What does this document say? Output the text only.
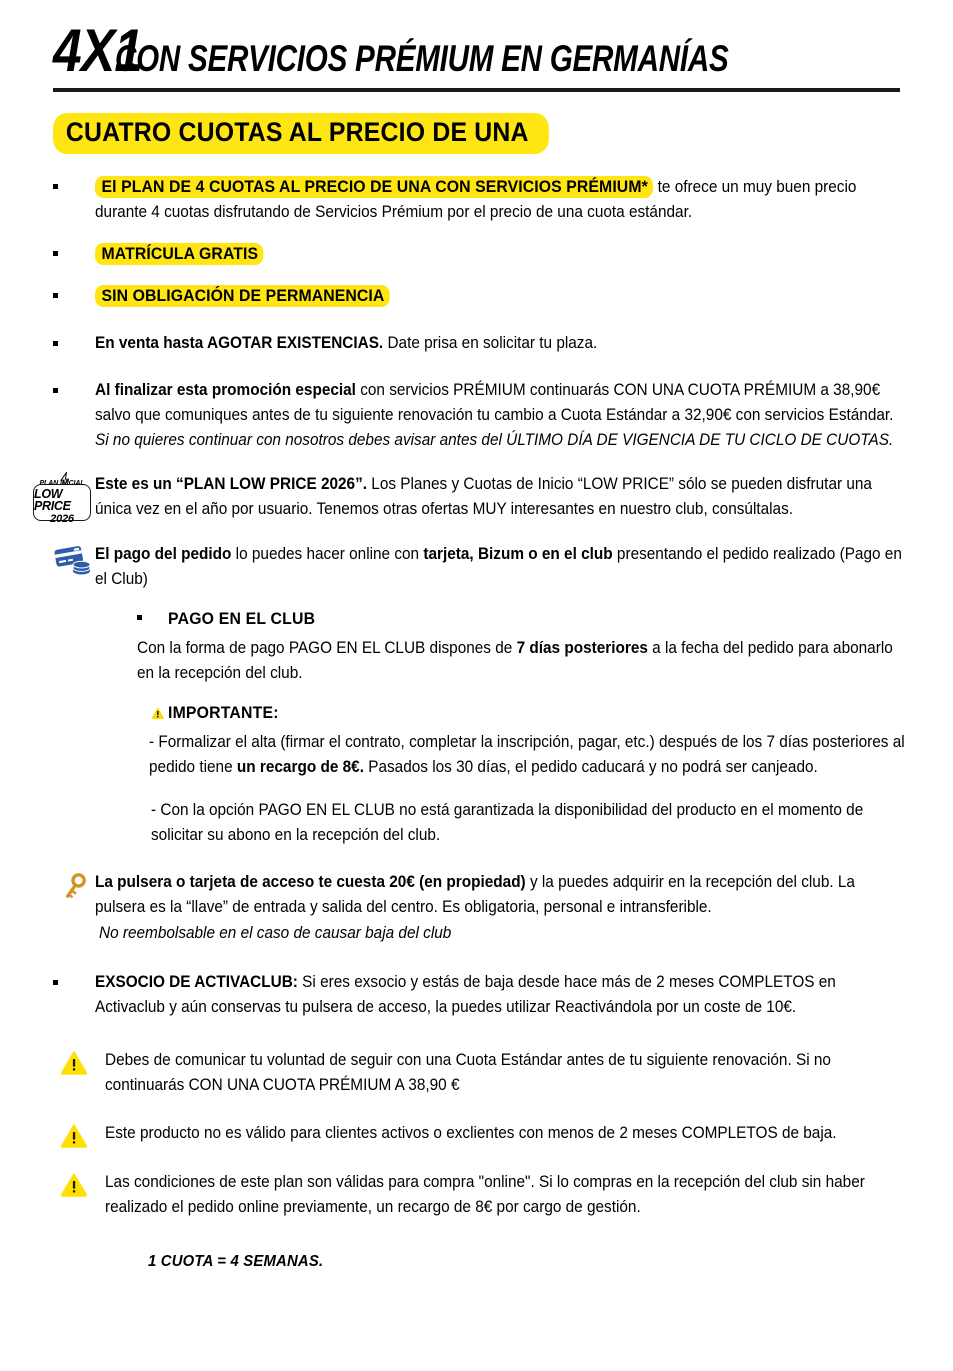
4X1
CON SERVICIOS PRÉMIUM EN GERMANÍAS
CUATRO CUOTAS AL PRECIO DE UNA
El PLAN DE 4 CUOTAS AL PRECIO DE UNA CON SERVICIOS PRÉMIUM* te ofrece un muy buen precio durante 4 cuotas disfrutando de Servicios Prémium por el precio de una cuota estándar.
MATRÍCULA GRATIS
SIN OBLIGACIÓN DE PERMANENCIA
En venta hasta AGOTAR EXISTENCIAS. Date prisa en solicitar tu plaza.
Al finalizar esta promoción especial con servicios PRÉMIUM continuarás CON UNA CUOTA PRÉMIUM a 38,90€ salvo que comuniques antes de tu siguiente renovación tu cambio a Cuota Estándar a 32,90€ con servicios Estándar. Si no quieres continuar con nosotros debes avisar antes del ÚLTIMO DÍA DE VIGENCIA DE TU CICLO DE CUOTAS.
PLAN INICIAL
LOW PRICE
2026
Este es un “PLAN LOW PRICE 2026”. Los Planes y Cuotas de Inicio “LOW PRICE” sólo se pueden disfrutar una única vez en el año por usuario. Tenemos otras ofertas MUY interesantes en nuestro club, consúltalas.
El pago del pedido lo puedes hacer online con tarjeta, Bizum o en el club presentando el pedido realizado (Pago en el Club)
PAGO EN EL CLUB
Con la forma de pago PAGO EN EL CLUB dispones de 7 días posteriores a la fecha del pedido para abonarlo en la recepción del club.
IMPORTANTE:
- Formalizar el alta (firmar el contrato, completar la inscripción, pagar, etc.) después de los 7 días posteriores al pedido tiene un recargo de 8€. Pasados los 30 días, el pedido caducará y no podrá ser canjeado.
- Con la opción PAGO EN EL CLUB no está garantizada la disponibilidad del producto en el momento de solicitar su abono en la recepción del club.
La pulsera o tarjeta de acceso te cuesta 20€ (en propiedad) y la puedes adquirir en la recepción del club. La pulsera es la “llave” de entrada y salida del centro. Es obligatoria, personal e intransferible.
No reembolsable en el caso de causar baja del club
EXSOCIO DE ACTIVACLUB: Si eres exsocio y estás de baja desde hace más de 2 meses COMPLETOS en Activaclub y aún conservas tu pulsera de acceso, la puedes utilizar Reactivándola por un coste de 10€.
Debes de comunicar tu voluntad de seguir con una Cuota Estándar antes de tu siguiente renovación. Si no continuarás CON UNA CUOTA PRÉMIUM A 38,90 €
Este producto no es válido para clientes activos o exclientes con menos de 2 meses COMPLETOS de baja.
Las condiciones de este plan son válidas para compra "online". Si lo compras en la recepción del club sin haber realizado el pedido online previamente, un recargo de 8€ por cargo de gestión.
1 CUOTA = 4 SEMANAS.
